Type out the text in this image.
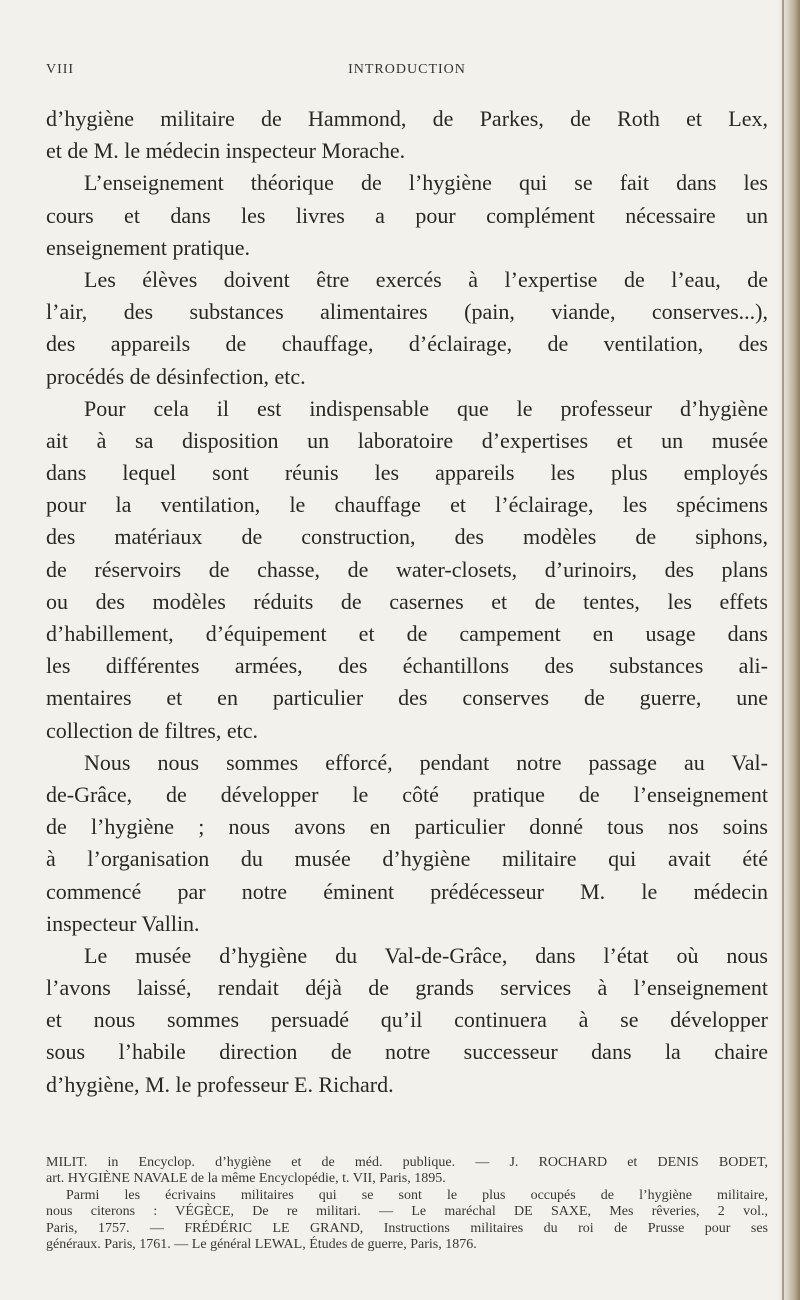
VIII	INTRODUCTION
d’hygiène militaire de Hammond, de Parkes, de Roth et Lex,
et de M. le médecin inspecteur Morache.
L’enseignement théorique de l’hygiène qui se fait dans les
cours et dans les livres a pour complément nécessaire un
enseignement pratique.
Les élèves doivent être exercés à l’expertise de l’eau, de
l’air, des substances alimentaires (pain, viande, conserves...),
des appareils de chauffage, d’éclairage, de ventilation, des
procédés de désinfection, etc.
Pour cela il est indispensable que le professeur d’hygiène
ait à sa disposition un laboratoire d’expertises et un musée
dans lequel sont réunis les appareils les plus employés
pour la ventilation, le chauffage et l’éclairage, les spécimens
des matériaux de construction, des modèles de siphons,
de réservoirs de chasse, de water-closets, d’urinoirs, des plans
ou des modèles réduits de casernes et de tentes, les effets
d’habillement, d’équipement et de campement en usage dans
les différentes armées, des échantillons des substances ali-
mentaires et en particulier des conserves de guerre, une
collection de filtres, etc.
Nous nous sommes efforcé, pendant notre passage au Val-
de-Grâce, de développer le côté pratique de l’enseignement
de l’hygiène ; nous avons en particulier donné tous nos soins
à l’organisation du musée d’hygiène militaire qui avait été
commencé par notre éminent prédécesseur M. le médecin
inspecteur Vallin.
Le musée d’hygiène du Val-de-Grâce, dans l’état où nous
l’avons laissé, rendait déjà de grands services à l’enseignement
et nous sommes persuadé qu’il continuera à se développer
sous l’habile direction de notre successeur dans la chaire
d’hygiène, M. le professeur E. Richard.
MILIT. in Encyclop. d’hygiène et de méd. publique. — J. ROCHARD et DENIS BODET,
art. HYGIÈNE NAVALE de la même Encyclopédie, t. VII, Paris, 1895.
Parmi les écrivains militaires qui se sont le plus occupés de l’hygiène militaire,
nous citerons : VÉGÈCE, De re militari. — Le maréchal DE SAXE, Mes rêveries, 2 vol.,
Paris, 1757. — FRÉDÉRIC LE GRAND, Instructions militaires du roi de Prusse pour ses
généraux. Paris, 1761. — Le général LEWAL, Études de guerre, Paris, 1876.
